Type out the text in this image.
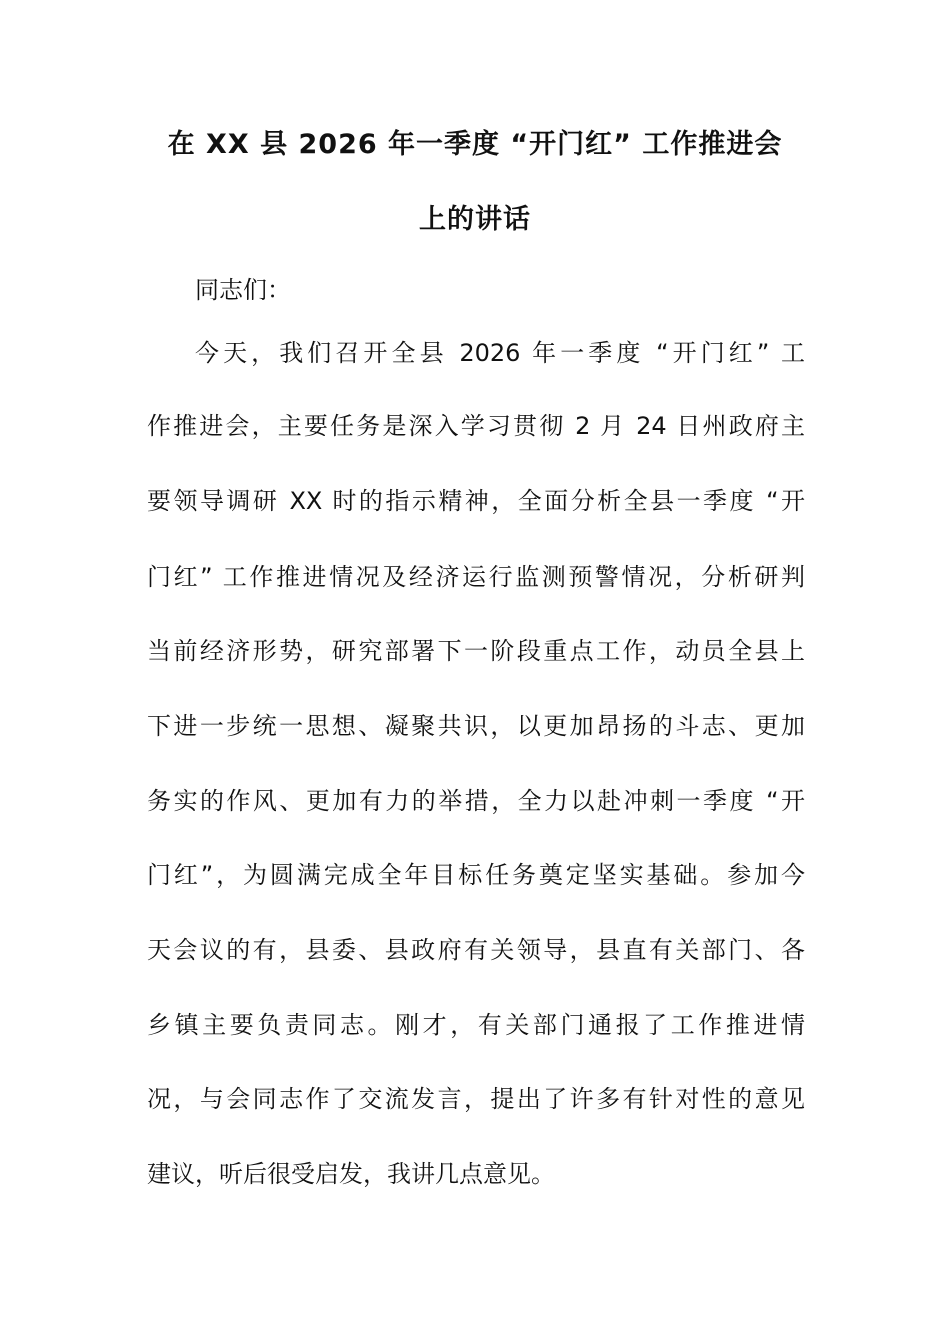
在 XX 县 2026 年一季度 “开门红” 工作推进会
上的讲话
同志们：
今天，我们召开全县 2026 年一季度 “开门红” 工
作推进会，主要任务是深入学习贯彻 2 月 24 日州政府主
要领导调研 XX 时的指示精神，全面分析全县一季度 “开
门红” 工作推进情况及经济运行监测预警情况，分析研判
当前经济形势，研究部署下一阶段重点工作，动员全县上
下进一步统一思想、凝聚共识，以更加昂扬的斗志、更加
务实的作风、更加有力的举措，全力以赴冲刺一季度 “开
门红”，为圆满完成全年目标任务奠定坚实基础。参加今
天会议的有，县委、县政府有关领导，县直有关部门、各
乡镇主要负责同志。刚才，有关部门通报了工作推进情
况，与会同志作了交流发言，提出了许多有针对性的意见
建议，听后很受启发，我讲几点意见。
